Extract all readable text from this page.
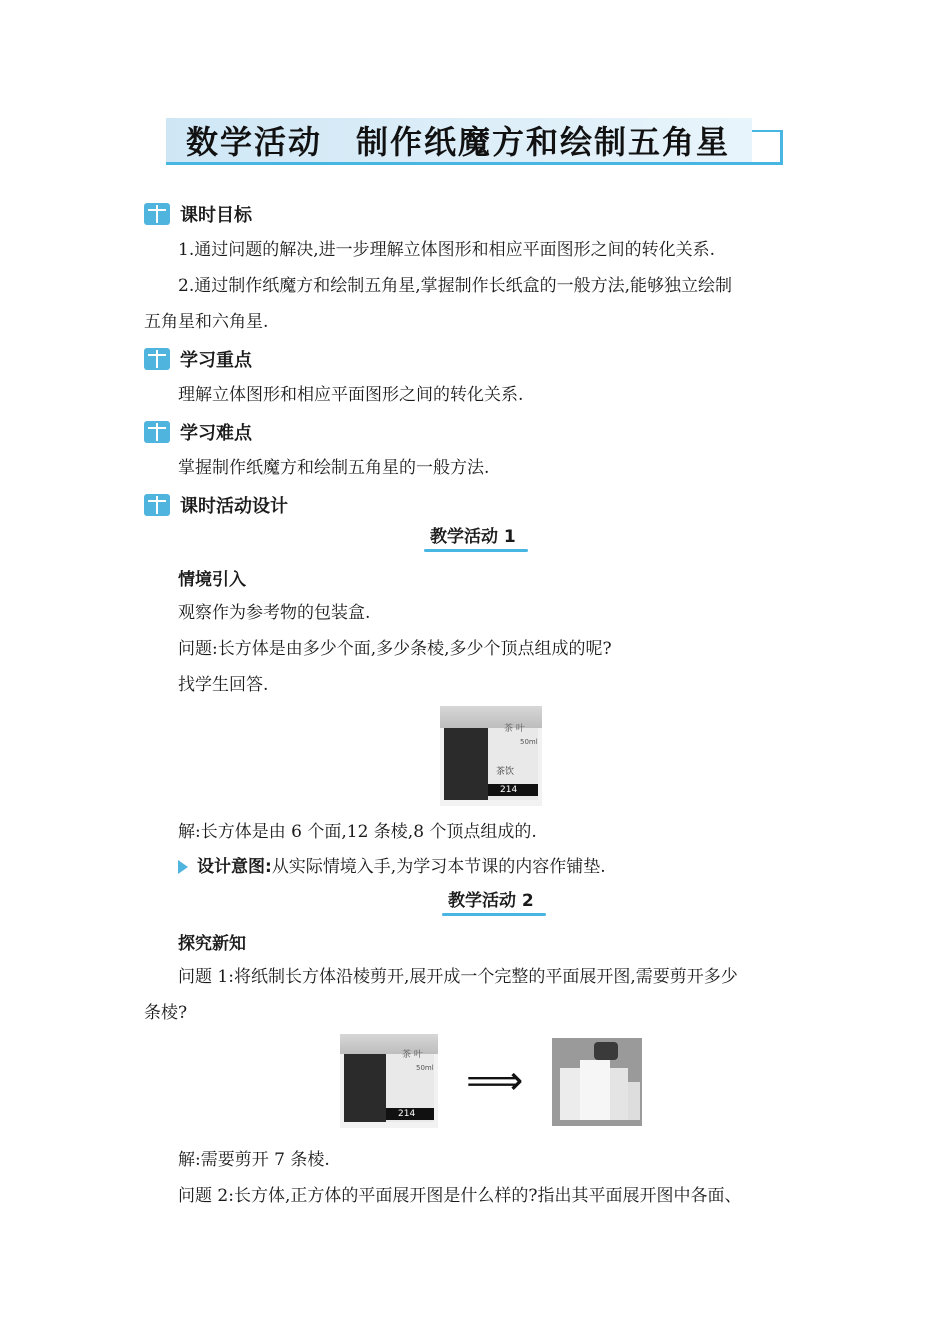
数学活动　制作纸魔方和绘制五角星
课时目标
1.通过问题的解决,进一步理解立体图形和相应平面图形之间的转化关系.
2.通过制作纸魔方和绘制五角星,掌握制作长纸盒的一般方法,能够独立绘制
五角星和六角星.
学习重点
理解立体图形和相应平面图形之间的转化关系.
学习难点
掌握制作纸魔方和绘制五角星的一般方法.
课时活动设计
教学活动 1
情境引入
观察作为参考物的包装盒.
问题:长方体是由多少个面,多少条棱,多少个顶点组成的呢?
找学生回答.
茶 叶
50ml
茶饮
214
解:长方体是由 6 个面,12 条棱,8 个顶点组成的.
设计意图:从实际情境入手,为学习本节课的内容作铺垫.
教学活动 2
探究新知
问题 1:将纸制长方体沿棱剪开,展开成一个完整的平面展开图,需要剪开多少
条棱?
茶 叶
50ml
214
⟹
解:需要剪开 7 条棱.
问题 2:长方体,正方体的平面展开图是什么样的?指出其平面展开图中各面、
